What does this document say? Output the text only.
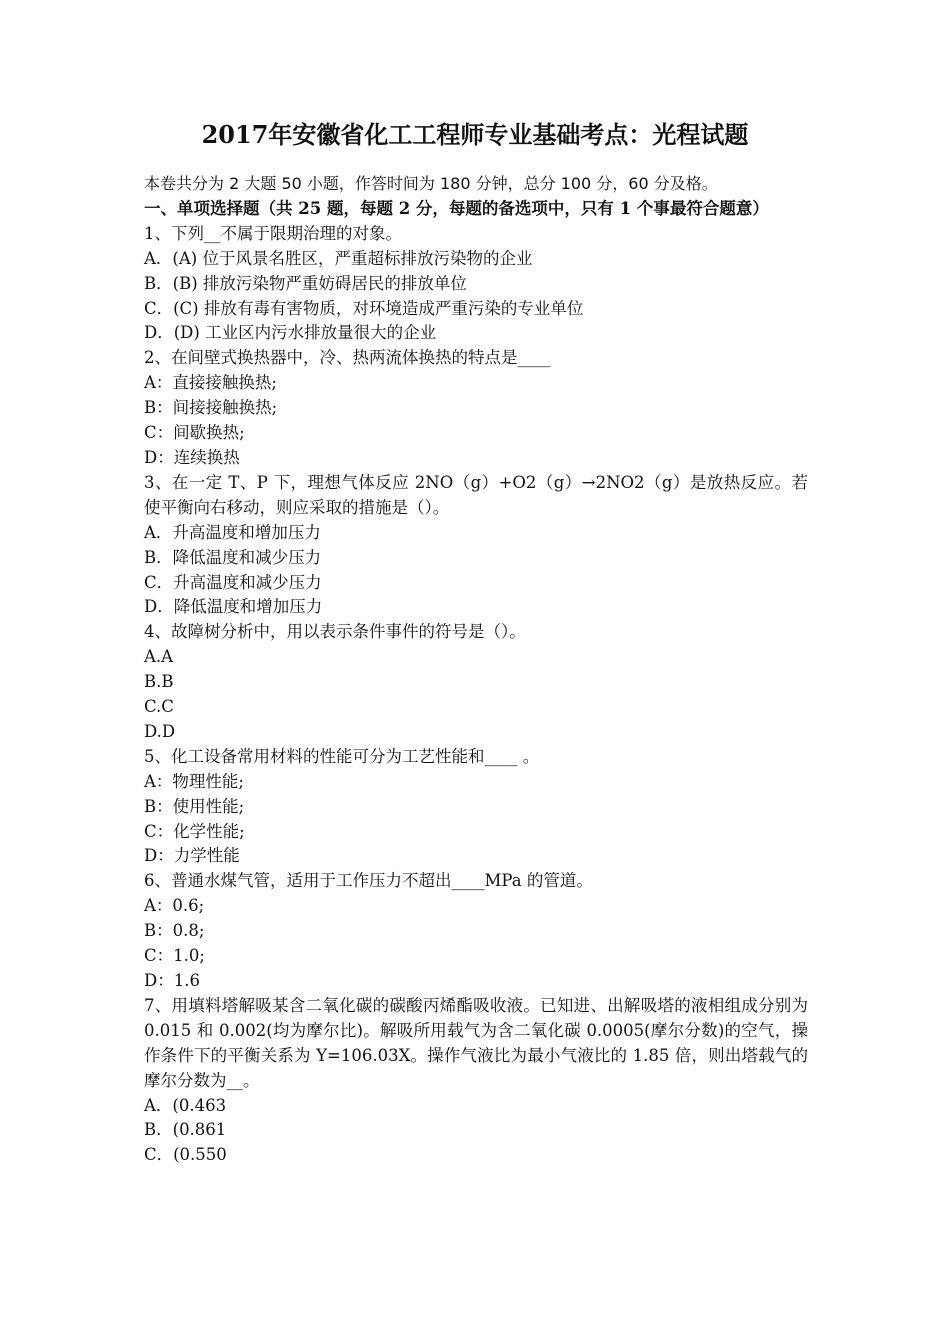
2017年安徽省化工工程师专业基础考点：光程试题

本卷共分为 2 大题 50 小题，作答时间为 180 分钟，总分 100 分，60 分及格。

一、单项选择题（共 25 题，每题 2 分，每题的备选项中，只有 1 个事最符合题意）

1、下列__不属于限期治理的对象。

A．(A) 位于风景名胜区，严重超标排放污染物的企业

B．(B) 排放污染物严重妨碍居民的排放单位

C．(C) 排放有毒有害物质，对环境造成严重污染的专业单位

D．(D) 工业区内污水排放量很大的企业

2、在间壁式换热器中，冷、热两流体换热的特点是____

A：直接接触换热;

B：间接接触换热;

C：间歇换热;

D：连续换热

3、在一定 T、P 下，理想气体反应 2NO（g）+O2（g）→2NO2（g）是放热反应。若使平衡向右移动，则应采取的措施是（）。

A．升高温度和增加压力

B．降低温度和减少压力

C．升高温度和减少压力

D．降低温度和增加压力

4、故障树分析中，用以表示条件事件的符号是（）。

A.A

B.B

C.C

D.D

5、化工设备常用材料的性能可分为工艺性能和____ 。

A：物理性能;

B：使用性能;

C：化学性能;

D：力学性能

6、普通水煤气管，适用于工作压力不超出____MPa 的管道。

A：0.6;

B：0.8;

C：1.0;

D：1.6

7、用填料塔解吸某含二氧化碳的碳酸丙烯酯吸收液。已知进、出解吸塔的液相组成分别为 0.015 和 0.002(均为摩尔比)。解吸所用载气为含二氧化碳 0.0005(摩尔分数)的空气，操作条件下的平衡关系为 Y=106.03X。操作气液比为最小气液比的 1.85 倍，则出塔载气的摩尔分数为__。

A．(0.463

B．(0.861

C．(0.550
